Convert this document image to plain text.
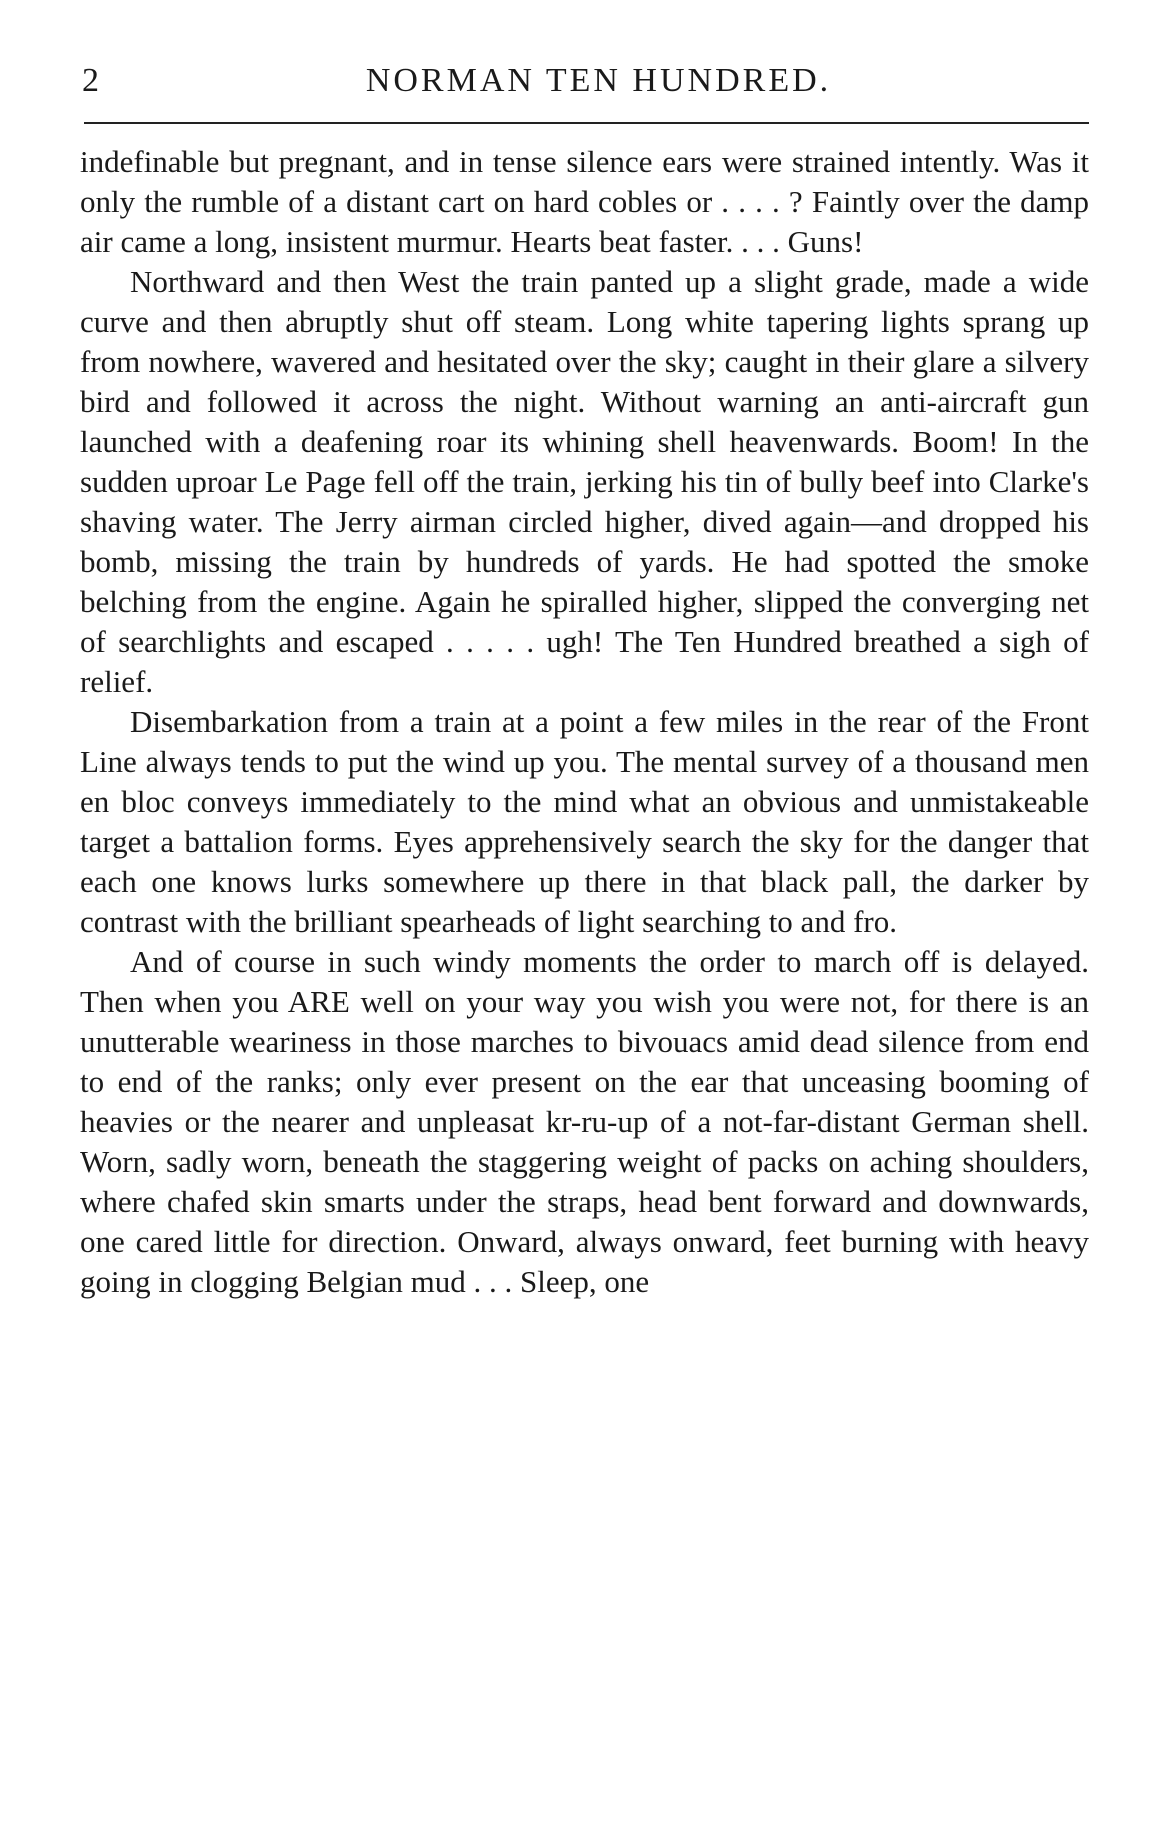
2	NORMAN TEN HUNDRED.

indefinable but pregnant, and in tense silence ears were strained intently. Was it only the rumble of a distant cart on hard cobles or . . . . ? Faintly over the damp air came a long, insistent murmur. Hearts beat faster. . . . Guns!

Northward and then West the train panted up a slight grade, made a wide curve and then abruptly shut off steam. Long white tapering lights sprang up from nowhere, wavered and hesitated over the sky; caught in their glare a silvery bird and followed it across the night. Without warning an anti-aircraft gun launched with a deafening roar its whining shell heavenwards. Boom! In the sudden uproar Le Page fell off the train, jerking his tin of bully beef into Clarke's shaving water. The Jerry airman circled higher, dived again—and dropped his bomb, missing the train by hundreds of yards. He had spotted the smoke belching from the engine. Again he spiralled higher, slipped the converging net of searchlights and escaped . . . . . ugh! The Ten Hundred breathed a sigh of relief.

Disembarkation from a train at a point a few miles in the rear of the Front Line always tends to put the wind up you. The mental survey of a thousand men en bloc conveys immediately to the mind what an obvious and unmistakeable target a battalion forms. Eyes apprehensively search the sky for the danger that each one knows lurks somewhere up there in that black pall, the darker by contrast with the brilliant spearheads of light searching to and fro.

And of course in such windy moments the order to march off is delayed. Then when you ARE well on your way you wish you were not, for there is an unutterable weariness in those marches to bivouacs amid dead silence from end to end of the ranks; only ever present on the ear that unceasing booming of heavies or the nearer and unpleasat kr-ru-up of a not-far-distant German shell. Worn, sadly worn, beneath the staggering weight of packs on aching shoulders, where chafed skin smarts under the straps, head bent forward and downwards, one cared little for direction. Onward, always onward, feet burning with heavy going in clogging Belgian mud . . . Sleep, one
